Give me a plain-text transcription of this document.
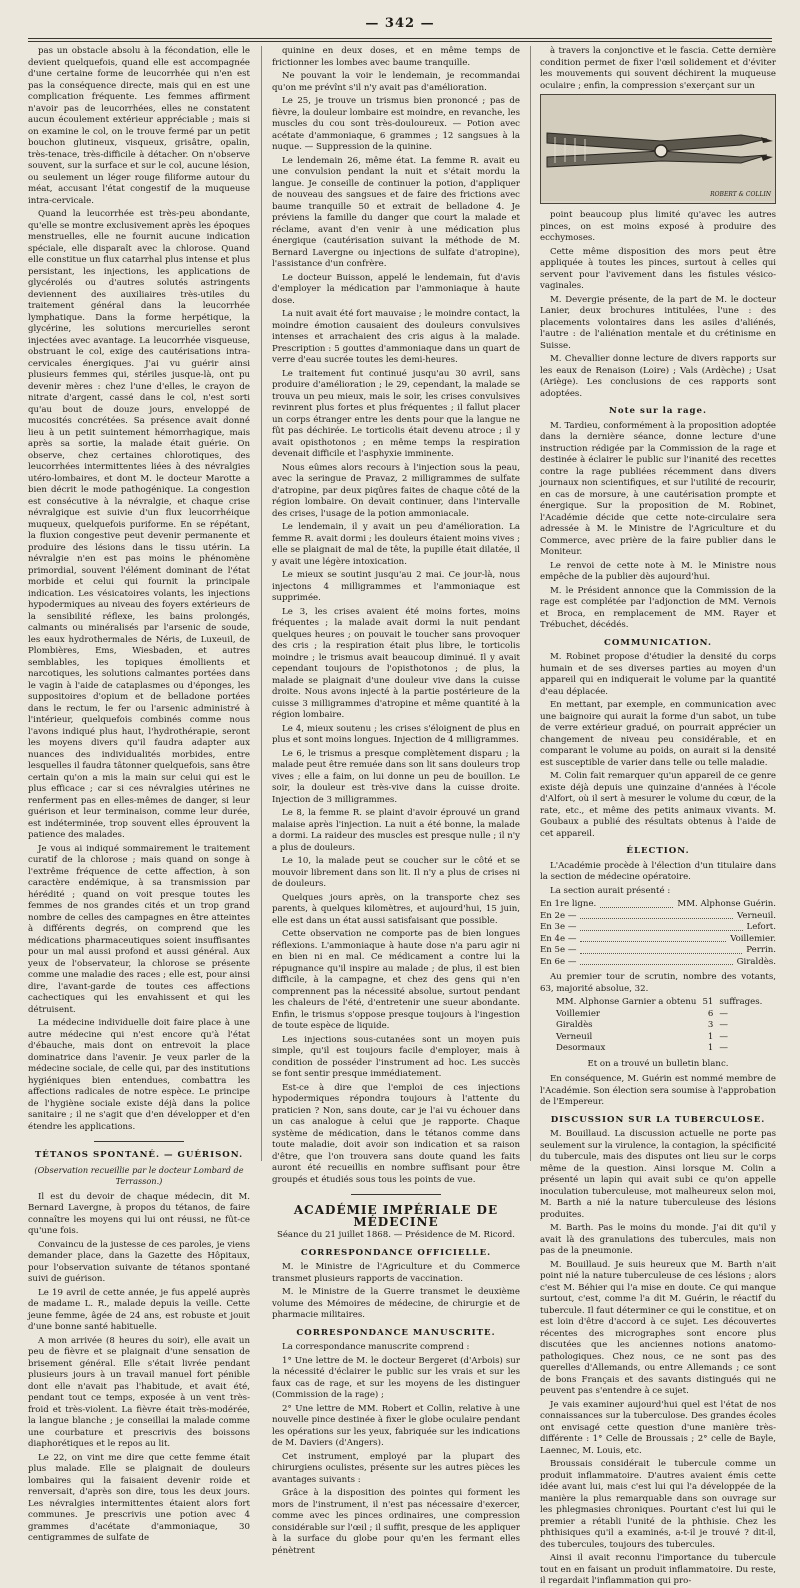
— 342 —

pas un obstacle absolu à la fécondation, elle le devient quelquefois, quand elle est accompagnée d'une certaine forme de leucorrhée qui n'en est pas la conséquence directe, mais qui en est une complication fréquente. Les femmes affirment n'avoir pas de leucorrhées, elles ne constatent aucun écoulement extérieur appréciable ; mais si on examine le col, on le trouve fermé par un petit bouchon glutineux, visqueux, grisâtre, opalin, très-tenace, très-difficile à détacher. On n'observe souvent, sur la surface et sur le col, aucune lésion, ou seulement un léger rouge filiforme autour du méat, accusant l'état congestif de la muqueuse intra-cervicale.

Quand la leucorrhée est très-peu abondante, qu'elle se montre exclusivement après les époques menstruelles, elle ne fournit aucune indication spéciale, elle disparaît avec la chlorose. Quand elle constitue un flux catarrhal plus intense et plus persistant, les injections, les applications de glycérolés ou d'autres solutés astringents deviennent des auxiliaires très-utiles du traitement général dans la leucorrhée lymphatique. Dans la forme herpétique, la glycérine, les solutions mercurielles seront injectées avec avantage. La leucorrhée visqueuse, obstruant le col, exige des cautérisations intra-cervicales énergiques. J'ai vu guérir ainsi plusieurs femmes qui, stériles jusque-là, ont pu devenir mères : chez l'une d'elles, le crayon de nitrate d'argent, cassé dans le col, n'est sorti qu'au bout de douze jours, enveloppé de mucosités concrétées. Sa présence avait donné lieu à un petit suintement hémorrhagique, mais après sa sortie, la malade était guérie. On observe, chez certaines chlorotiques, des leucorrhées intermittentes liées à des névralgies utéro-lombaires, et dont M. le docteur Marotte a bien décrit le mode pathogénique. La congestion est consécutive à la névralgie, et chaque crise névralgique est suivie d'un flux leucorrhéique muqueux, quelquefois puriforme. En se répétant, la fluxion congestive peut devenir permanente et produire des lésions dans le tissu utérin. La névralgie n'en est pas moins le phénomène primordial, souvent l'élément dominant de l'état morbide et celui qui fournit la principale indication. Les vésicatoires volants, les injections hypodermiques au niveau des foyers extérieurs de la sensibilité réflexe, les bains prolongés, calmants ou minéralisés par l'arsenic de soude, les eaux hydrothermales de Néris, de Luxeuil, de Plombières, Ems, Wiesbaden, et autres semblables, les topiques émollients et narcotiques, les solutions calmantes portées dans le vagin à l'aide de cataplasmes ou d'éponges, les suppositoires d'opium et de belladone portées dans le rectum, le fer ou l'arsenic administré à l'intérieur, quelquefois combinés comme nous l'avons indiqué plus haut, l'hydrothérapie, seront les moyens divers qu'il faudra adapter aux nuances des individualités morbides, entre lesquelles il faudra tâtonner quelquefois, sans être certain qu'on a mis la main sur celui qui est le plus efficace ; car si ces névralgies utérines ne renferment pas en elles-mêmes de danger, si leur guérison et leur terminaison, comme leur durée, est indéterminée, trop souvent elles éprouvent la patience des malades.

Je vous ai indiqué sommairement le traitement curatif de la chlorose ; mais quand on songe à l'extrême fréquence de cette affection, à son caractère endémique, à sa transmission par hérédité ; quand on voit presque toutes les femmes de nos grandes cités et un trop grand nombre de celles des campagnes en être atteintes à différents degrés, on comprend que les médications pharmaceutiques soient insuffisantes pour un mal aussi profond et aussi général. Aux yeux de l'observateur, la chlorose se présente comme une maladie des races ; elle est, pour ainsi dire, l'avant-garde de toutes ces affections cachectiques qui les envahissent et qui les détruisent.

La médecine individuelle doit faire place à une autre médecine qui n'est encore qu'à l'état d'ébauche, mais dont on entrevoit la place dominatrice dans l'avenir. Je veux parler de la médecine sociale, de celle qui, par des institutions hygiéniques bien entendues, combattra les affections radicales de notre espèce. Le principe de l'hygiène sociale existe déjà dans la police sanitaire ; il ne s'agit que d'en développer et d'en étendre les applications.

TÉTANOS SPONTANÉ. — GUÉRISON.

(Observation recueillie par le docteur Lombard de Terrasson.)

Il est du devoir de chaque médecin, dit M. Bernard Lavergne, à propos du tétanos, de faire connaître les moyens qui lui ont réussi, ne fût-ce qu'une fois.

Convaincu de la justesse de ces paroles, je viens demander place, dans la Gazette des Hôpitaux, pour l'observation suivante de tétanos spontané suivi de guérison.

Le 19 avril de cette année, je fus appelé auprès de madame L. R., malade depuis la veille. Cette jeune femme, âgée de 24 ans, est robuste et jouit d'une bonne santé habituelle.

A mon arrivée (8 heures du soir), elle avait un peu de fièvre et se plaignait d'une sensation de brisement général. Elle s'était livrée pendant plusieurs jours à un travail manuel fort pénible dont elle n'avait pas l'habitude, et avait été, pendant tout ce temps, exposée à un vent très-froid et très-violent. La fièvre était très-modérée, la langue blanche ; je conseillai la malade comme une courbature et prescrivis des boissons diaphorétiques et le repos au lit.

Le 22, on vint me dire que cette femme était plus malade. Elle se plaignait de douleurs lombaires qui la faisaient devenir roide et renversait, d'après son dire, tous les deux jours. Les névralgies intermittentes étaient alors fort communes. Je prescrivis une potion avec 4 grammes d'acétate d'ammoniaque, 30 centigrammes de sulfate de

quinine en deux doses, et en même temps de frictionner les lombes avec baume tranquille.

Ne pouvant la voir le lendemain, je recommandai qu'on me prévînt s'il n'y avait pas d'amélioration.

Le 25, je trouve un trismus bien prononcé ; pas de fièvre, la douleur lombaire est moindre, en revanche, les muscles du cou sont très-douloureux. — Potion avec acétate d'ammoniaque, 6 grammes ; 12 sangsues à la nuque. — Suppression de la quinine.

Le lendemain 26, même état. La femme R. avait eu une convulsion pendant la nuit et s'était mordu la langue. Je conseille de continuer la potion, d'appliquer de nouveau des sangsues et de faire des frictions avec baume tranquille 50 et extrait de belladone 4. Je préviens la famille du danger que court la malade et réclame, avant d'en venir à une médication plus énergique (cautérisation suivant la méthode de M. Bernard Lavergne ou injections de sulfate d'atropine), l'assistance d'un confrère.

Le docteur Buisson, appelé le lendemain, fut d'avis d'employer la médication par l'ammoniaque à haute dose.

La nuit avait été fort mauvaise ; le moindre contact, la moindre émotion causaient des douleurs convulsives intenses et arrachaient des cris aigus à la malade. Prescription : 5 gouttes d'ammoniaque dans un quart de verre d'eau sucrée toutes les demi-heures.

Le traitement fut continué jusqu'au 30 avril, sans produire d'amélioration ; le 29, cependant, la malade se trouva un peu mieux, mais le soir, les crises convulsives revinrent plus fortes et plus fréquentes ; il fallut placer un corps étranger entre les dents pour que la langue ne fût pas déchirée. Le torticolis était devenu atroce ; il y avait opisthotonos ; en même temps la respiration devenait difficile et l'asphyxie imminente.

Nous eûmes alors recours à l'injection sous la peau, avec la seringue de Pravaz, 2 milligrammes de sulfate d'atropine, par deux piqûres faites de chaque côté de la région lombaire. On devait continuer, dans l'intervalle des crises, l'usage de la potion ammoniacale.

Le lendemain, il y avait un peu d'amélioration. La femme R. avait dormi ; les douleurs étaient moins vives ; elle se plaignait de mal de tête, la pupille était dilatée, il y avait une légère intoxication.

Le mieux se soutint jusqu'au 2 mai. Ce jour-là, nous injectons 4 milligrammes et l'ammoniaque est supprimée.

Le 3, les crises avaient été moins fortes, moins fréquentes ; la malade avait dormi la nuit pendant quelques heures ; on pouvait le toucher sans provoquer des cris ; la respiration était plus libre, le torticolis moindre ; le trismus avait beaucoup diminué. Il y avait cependant toujours de l'opisthotonos ; de plus, la malade se plaignait d'une douleur vive dans la cuisse droite. Nous avons injecté à la partie postérieure de la cuisse 3 milligrammes d'atropine et même quantité à la région lombaire.

Le 4, mieux soutenu ; les crises s'éloignent de plus en plus et sont moins longues. Injection de 4 milligrammes.

Le 6, le trismus a presque complètement disparu ; la malade peut être remuée dans son lit sans douleurs trop vives ; elle a faim, on lui donne un peu de bouillon. Le soir, la douleur est très-vive dans la cuisse droite. Injection de 3 milligrammes.

Le 8, la femme R. se plaint d'avoir éprouvé un grand malaise après l'injection. La nuit a été bonne, la malade a dormi. La raideur des muscles est presque nulle ; il n'y a plus de douleurs.

Le 10, la malade peut se coucher sur le côté et se mouvoir librement dans son lit. Il n'y a plus de crises ni de douleurs.

Quelques jours après, on la transporte chez ses parents, à quelques kilomètres, et aujourd'hui, 15 juin, elle est dans un état aussi satisfaisant que possible.

Cette observation ne comporte pas de bien longues réflexions. L'ammoniaque à haute dose n'a paru agir ni en bien ni en mal. Ce médicament a contre lui la répugnance qu'il inspire au malade ; de plus, il est bien difficile, à la campagne, et chez des gens qui n'en comprennent pas la nécessité absolue, surtout pendant les chaleurs de l'été, d'entretenir une sueur abondante. Enfin, le trismus s'oppose presque toujours à l'ingestion de toute espèce de liquide.

Les injections sous-cutanées sont un moyen puis simple, qu'il est toujours facile d'employer, mais à condition de posséder l'instrument ad hoc. Les succès se font sentir presque immédiatement.

Est-ce à dire que l'emploi de ces injections hypodermiques répondra toujours à l'attente du praticien ? Non, sans doute, car je l'ai vu échouer dans un cas analogue à celui que je rapporte. Chaque système de médication, dans le tétanos comme dans toute maladie, doit avoir son indication et sa raison d'être, que l'on trouvera sans doute quand les faits auront été recueillis en nombre suffisant pour être groupés et étudiés sous tous les points de vue.

ACADÉMIE IMPÉRIALE DE MÉDECINE

Séance du 21 juillet 1868. — Présidence de M. Ricord.

CORRESPONDANCE OFFICIELLE.

M. le Ministre de l'Agriculture et du Commerce transmet plusieurs rapports de vaccination.

M. le Ministre de la Guerre transmet le deuxième volume des Mémoires de médecine, de chirurgie et de pharmacie militaires.

CORRESPONDANCE MANUSCRITE.

La correspondance manuscrite comprend :

1° Une lettre de M. le docteur Bergeret (d'Arbois) sur la nécessité d'éclairer le public sur les vrais et sur les faux cas de rage, et sur les moyens de les distinguer (Commission de la rage) ;

2° Une lettre de MM. Robert et Collin, relative à une nouvelle pince destinée à fixer le globe oculaire pendant les opérations sur les yeux, fabriquée sur les indications de M. Daviers (d'Angers).

Cet instrument, employé par la plupart des chirurgiens oculistes, présente sur les autres pièces les avantages suivants :

Grâce à la disposition des pointes qui forment les mors de l'instrument, il n'est pas nécessaire d'exercer, comme avec les pinces ordinaires, une compression considérable sur l'œil ; il suffit, presque de les appliquer à la surface du globe pour qu'en les fermant elles pénètrent

à travers la conjonctive et le fascia. Cette dernière condition permet de fixer l'œil solidement et d'éviter les mouvements qui souvent déchirent la muqueuse oculaire ; enfin, la compression s'exerçant sur un

ROBERT & COLLIN

point beaucoup plus limité qu'avec les autres pinces, on est moins exposé à produire des ecchymoses.

Cette même disposition des mors peut être appliquée à toutes les pinces, surtout à celles qui servent pour l'avivement dans les fistules vésico-vaginales.

M. Devergie présente, de la part de M. le docteur Lanier, deux brochures intitulées, l'une : des placements volontaires dans les asiles d'aliénés, l'autre : de l'aliénation mentale et du crétinisme en Suisse.

M. Chevallier donne lecture de divers rapports sur les eaux de Renaison (Loire) ; Vals (Ardèche) ; Usat (Ariège). Les conclusions de ces rapports sont adoptées.

Note sur la rage.

M. Tardieu, conformément à la proposition adoptée dans la dernière séance, donne lecture d'une instruction rédigée par la Commission de la rage et destinée à éclairer le public sur l'inanité des recettes contre la rage publiées récemment dans divers journaux non scientifiques, et sur l'utilité de recourir, en cas de morsure, à une cautérisation prompte et énergique. Sur la proposition de M. Robinet, l'Académie décide que cette note-circulaire sera adressée à M. le Ministre de l'Agriculture et du Commerce, avec prière de la faire publier dans le Moniteur.

Le renvoi de cette note à M. le Ministre nous empêche de la publier dès aujourd'hui.

M. le Président annonce que la Commission de la rage est complétée par l'adjonction de MM. Vernois et Broca, en remplacement de MM. Rayer et Trébuchet, décédés.

COMMUNICATION.

M. Robinet propose d'étudier la densité du corps humain et de ses diverses parties au moyen d'un appareil qui en indiquerait le volume par la quantité d'eau déplacée.

En mettant, par exemple, en communication avec une baignoire qui aurait la forme d'un sabot, un tube de verre extérieur gradué, on pourrait apprécier un changement de niveau peu considérable, et en comparant le volume au poids, on aurait si la densité est susceptible de varier dans telle ou telle maladie.

M. Colin fait remarquer qu'un appareil de ce genre existe déjà depuis une quinzaine d'années à l'école d'Alfort, où il sert à mesurer le volume du cœur, de la rate, etc., et même des petits animaux vivants. M. Goubaux a publié des résultats obtenus à l'aide de cet appareil.

ÉLECTION.

L'Académie procède à l'élection d'un titulaire dans la section de médecine opératoire.

La section aurait présenté :

En 1re ligne.	MM. Alphonse Guérin.
En 2e —	Verneuil.
En 3e —	Lefort.
En 4e —	Voillemier.
En 5e —	Perrin.
En 6e —	Giraldès.

Au premier tour de scrutin, nombre des votants, 63, majorité absolue, 32.

MM. Alphonse Garnier a obtenu	51	suffrages.
Voillemier	6	—
Giraldès	3	—
Verneuil	1	—
Desormaux	1	—

Et on a trouvé un bulletin blanc.

En conséquence, M. Guérin est nommé membre de l'Académie. Son élection sera soumise à l'approbation de l'Empereur.

DISCUSSION SUR LA TUBERCULOSE.

M. Bouillaud. La discussion actuelle ne porte pas seulement sur la virulence, la contagion, la spécificité du tubercule, mais des disputes ont lieu sur le corps même de la question. Ainsi lorsque M. Colin a présenté un lapin qui avait subi ce qu'on appelle inoculation tuberculeuse, mot malheureux selon moi, M. Barth a nié la nature tuberculeuse des lésions produites.

M. Barth. Pas le moins du monde. J'ai dit qu'il y avait là des granulations des tubercules, mais non pas de la pneumonie.

M. Bouillaud. Je suis heureux que M. Barth n'ait point nié la nature tuberculeuse de ces lésions ; alors c'est M. Béhier qui l'a mise en doute. Ce qui manque surtout, c'est, comme l'a dit M. Guérin, le réactif du tubercule. Il faut déterminer ce qui le constitue, et on est loin d'être d'accord à ce sujet. Les découvertes récentes des micrographes sont encore plus discutées que les anciennes notions anatomo-pathologiques. Chez nous, ce ne sont pas des querelles d'Allemands, ou entre Allemands ; ce sont de bons Français et des savants distingués qui ne peuvent pas s'entendre à ce sujet.

Je vais examiner aujourd'hui quel est l'état de nos connaissances sur la tuberculose. Des grandes écoles ont envisagé cette question d'une manière très-différente : 1° Celle de Broussais ; 2° celle de Bayle, Laennec, M. Louis, etc.

Broussais considérait le tubercule comme un produit inflammatoire. D'autres avaient émis cette idée avant lui, mais c'est lui qui l'a développée de la manière la plus remarquable dans son ouvrage sur les phlegmasies chroniques. Pourtant c'est lui qui le premier a rétabli l'unité de la phthisie. Chez les phthisiques qu'il a examinés, a-t-il je trouvé ? dit-il, des tubercules, toujours des tubercules.

Ainsi il avait reconnu l'importance du tubercule tout en en faisant un produit inflammatoire. Du reste, il regardait l'inflammation qui pro-
